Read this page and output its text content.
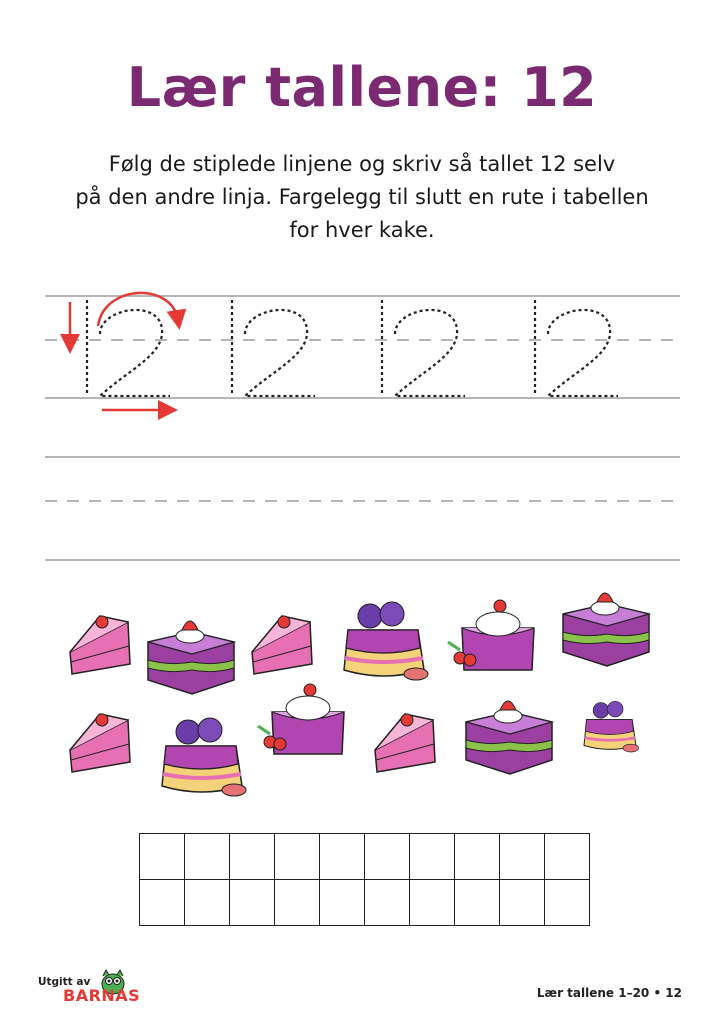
Lær tallene: 12
Følg de stiplede linjene og skriv så tallet 12 selv
på den andre linja. Fargelegg til slutt en rute i tabellen
for hver kake.

Utgitt av
BARNAS	Lær tallene 1–20 • 12
